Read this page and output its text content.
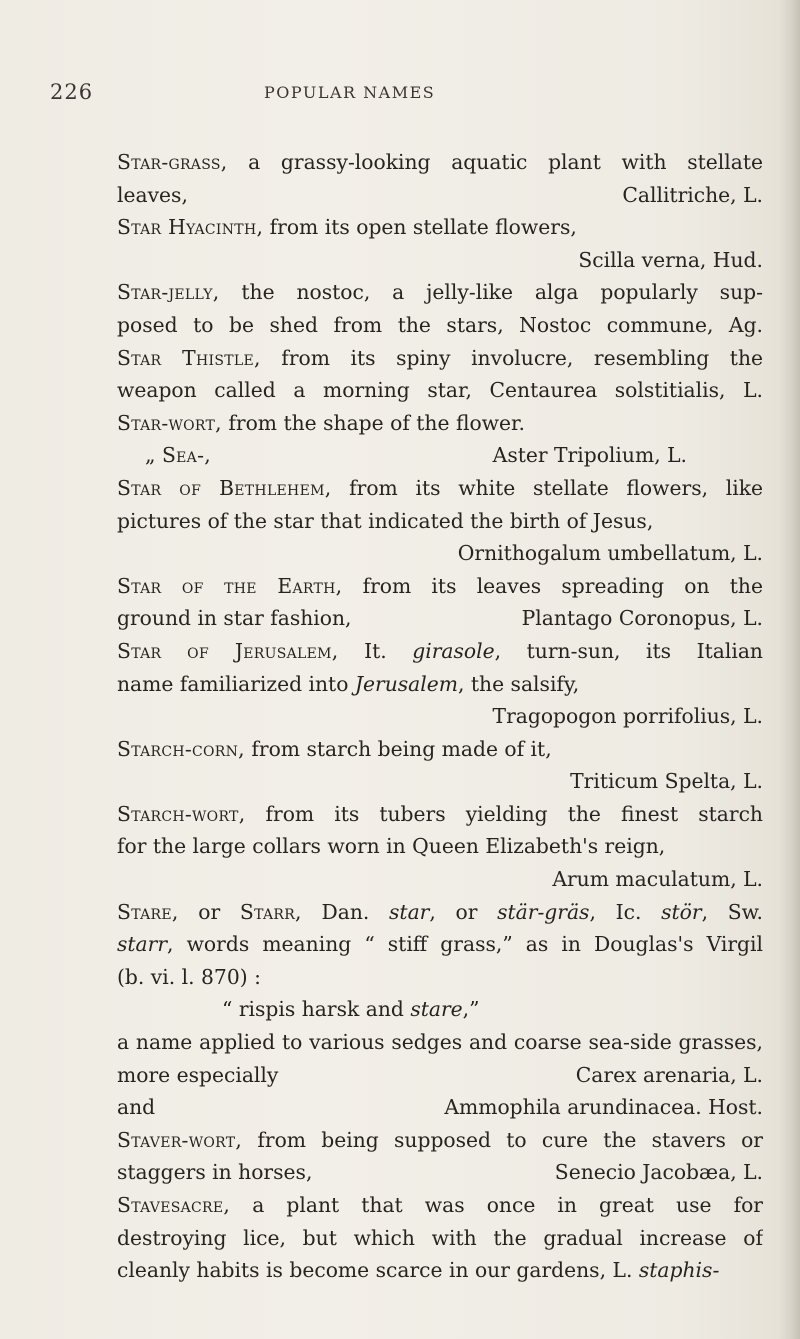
226	POPULAR NAMES
Star-grass, a grassy-looking aquatic plant with stellate
leaves,	Callitriche, L.
Star Hyacinth, from its open stellate flowers,
Scilla verna, Hud.
Star-jelly, the nostoc, a jelly-like alga popularly sup-
posed to be shed from the stars, Nostoc commune, Ag.
Star Thistle, from its spiny involucre, resembling the
weapon called a morning star, Centaurea solstitialis, L.
Star-wort, from the shape of the flower.
„ Sea-,	Aster Tripolium, L.
Star of Bethlehem, from its white stellate flowers, like
pictures of the star that indicated the birth of Jesus,
Ornithogalum umbellatum, L.
Star of the Earth, from its leaves spreading on the
ground in star fashion,	Plantago Coronopus, L.
Star of Jerusalem, It. girasole, turn-sun, its Italian
name familiarized into Jerusalem, the salsify,
Tragopogon porrifolius, L.
Starch-corn, from starch being made of it,
Triticum Spelta, L.
Starch-wort, from its tubers yielding the finest starch
for the large collars worn in Queen Elizabeth's reign,
Arum maculatum, L.
Stare, or Starr, Dan. star, or stär-gräs, Ic. stör, Sw.
starr, words meaning “ stiff grass,” as in Douglas's Virgil
(b. vi. l. 870) :
“ rispis harsk and stare,”
a name applied to various sedges and coarse sea-side grasses,
more especially	Carex arenaria, L.
and	Ammophila arundinacea. Host.
Staver-wort, from being supposed to cure the stavers or
staggers in horses,	Senecio Jacobæa, L.
Stavesacre, a plant that was once in great use for
destroying lice, but which with the gradual increase of
cleanly habits is become scarce in our gardens, L. staphis-
